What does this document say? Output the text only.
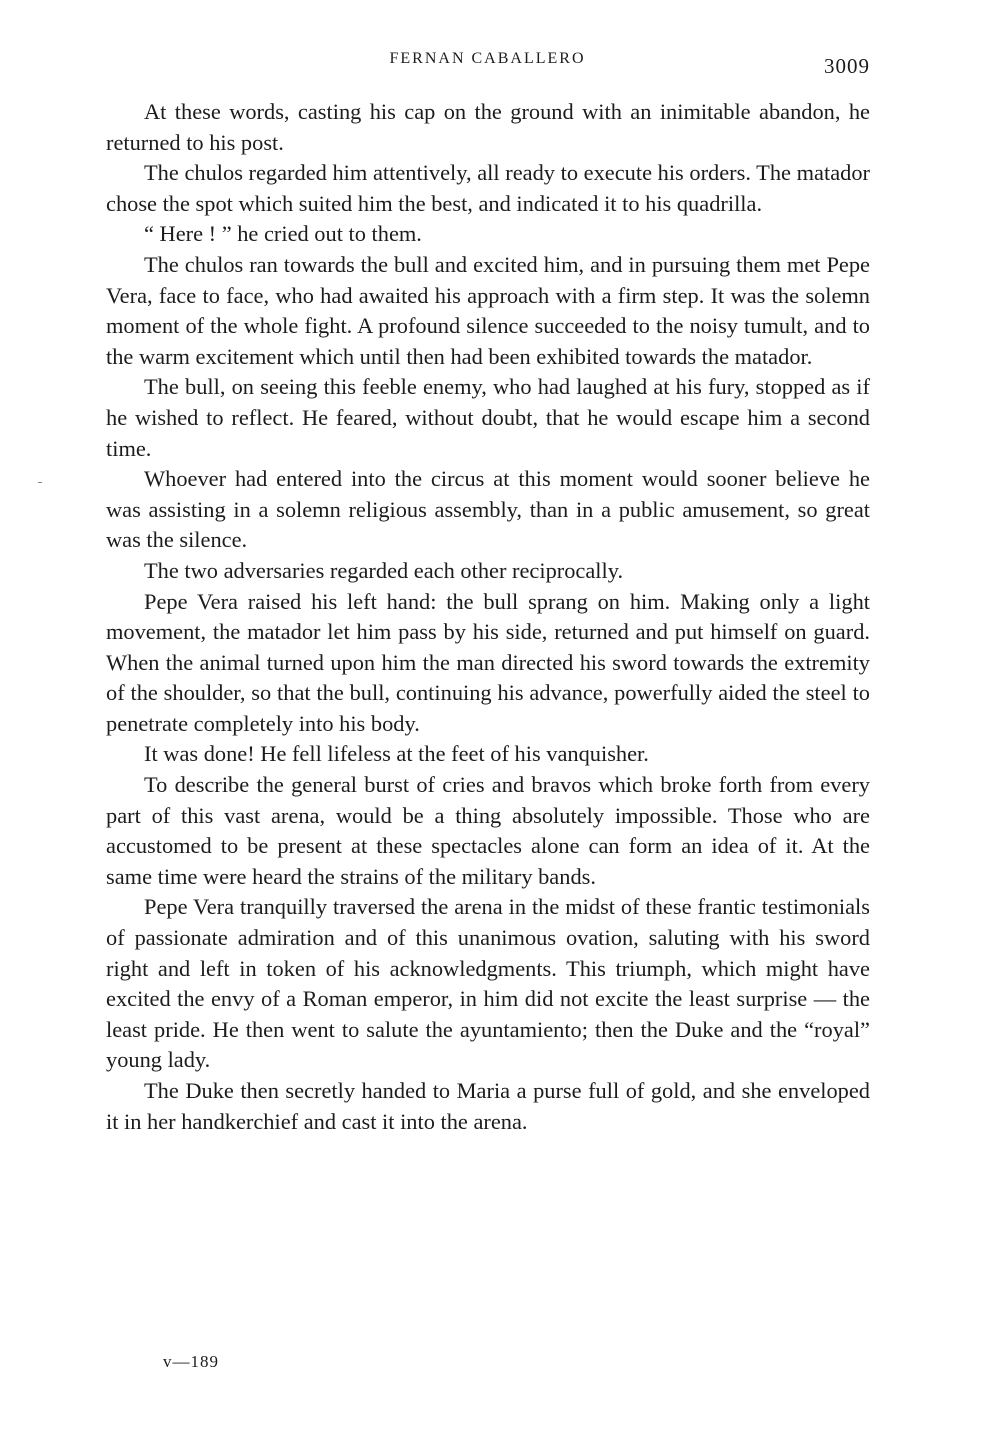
FERNAN CABALLERO	3009

At these words, casting his cap on the ground with an inimitable abandon, he returned to his post.

The chulos regarded him attentively, all ready to execute his orders. The matador chose the spot which suited him the best, and indicated it to his quadrilla.

“ Here ! ” he cried out to them.

The chulos ran towards the bull and excited him, and in pursuing them met Pepe Vera, face to face, who had awaited his approach with a firm step. It was the solemn moment of the whole fight. A profound silence succeeded to the noisy tumult, and to the warm excitement which until then had been exhibited towards the matador.

The bull, on seeing this feeble enemy, who had laughed at his fury, stopped as if he wished to reflect. He feared, without doubt, that he would escape him a second time.

Whoever had entered into the circus at this moment would sooner believe he was assisting in a solemn religious assembly, than in a public amusement, so great was the silence.

The two adversaries regarded each other reciprocally.

Pepe Vera raised his left hand: the bull sprang on him. Making only a light movement, the matador let him pass by his side, returned and put himself on guard. When the animal turned upon him the man directed his sword towards the extremity of the shoulder, so that the bull, continuing his advance, powerfully aided the steel to penetrate completely into his body.

It was done! He fell lifeless at the feet of his vanquisher.

To describe the general burst of cries and bravos which broke forth from every part of this vast arena, would be a thing absolutely impossible. Those who are accustomed to be present at these spectacles alone can form an idea of it. At the same time were heard the strains of the military bands.

Pepe Vera tranquilly traversed the arena in the midst of these frantic testimonials of passionate admiration and of this unanimous ovation, saluting with his sword right and left in token of his acknowledgments. This triumph, which might have excited the envy of a Roman emperor, in him did not excite the least surprise — the least pride. He then went to salute the ayuntamiento; then the Duke and the “royal” young lady.

The Duke then secretly handed to Maria a purse full of gold, and she enveloped it in her handkerchief and cast it into the arena.

v—189
